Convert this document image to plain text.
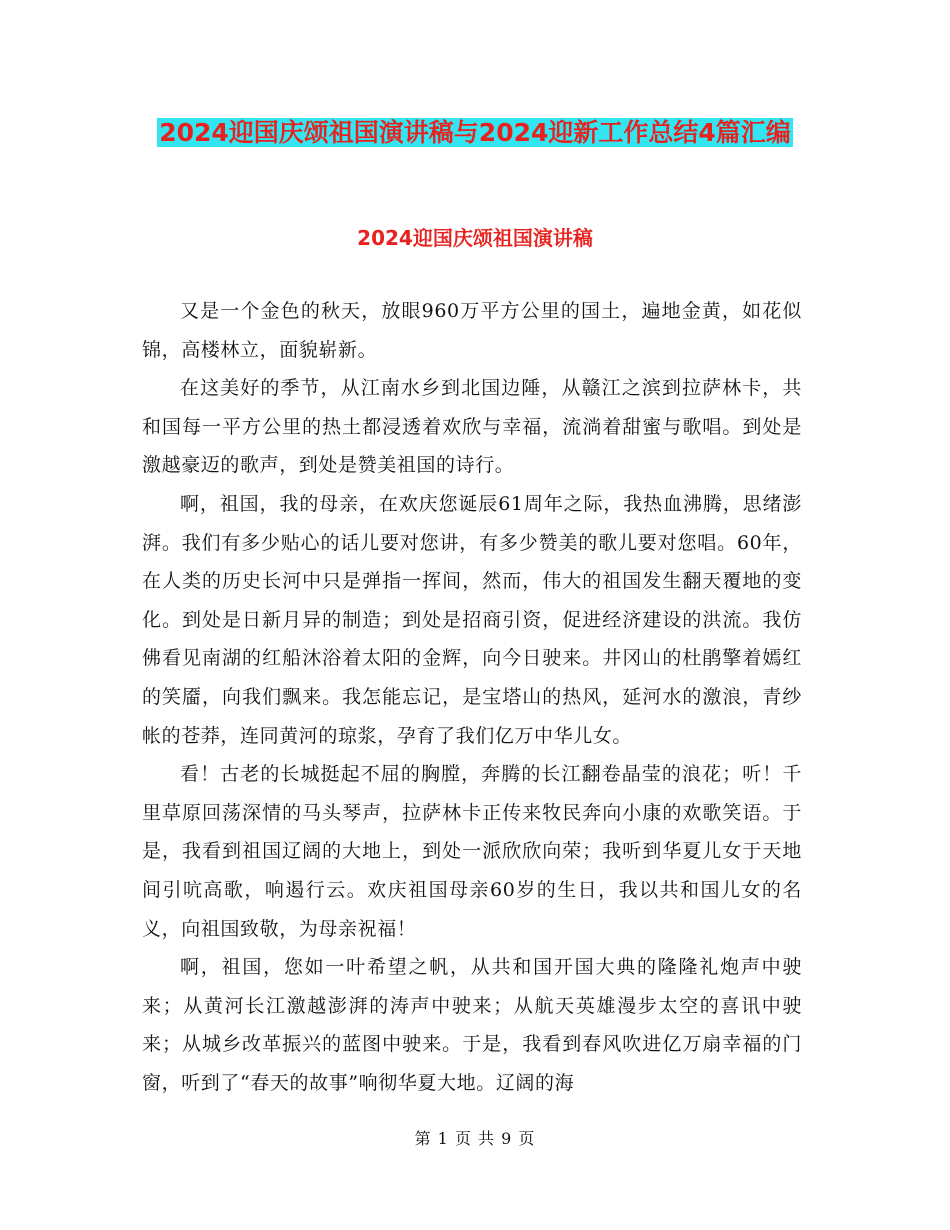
2024迎国庆颂祖国演讲稿与2024迎新工作总结4篇汇编
2024迎国庆颂祖国演讲稿

又是一个金色的秋天，放眼960万平方公里的国土，遍地金黄，如花似锦，高楼林立，面貌崭新。

在这美好的季节，从江南水乡到北国边陲，从赣江之滨到拉萨林卡，共和国每一平方公里的热土都浸透着欢欣与幸福，流淌着甜蜜与歌唱。到处是激越豪迈的歌声，到处是赞美祖国的诗行。

啊，祖国，我的母亲，在欢庆您诞辰61周年之际，我热血沸腾，思绪澎湃。我们有多少贴心的话儿要对您讲，有多少赞美的歌儿要对您唱。60年，在人类的历史长河中只是弹指一挥间，然而，伟大的祖国发生翻天覆地的变化。到处是日新月异的制造；到处是招商引资，促进经济建设的洪流。我仿佛看见南湖的红船沐浴着太阳的金辉，向今日驶来。井冈山的杜鹃擎着嫣红的笑靥，向我们飘来。我怎能忘记，是宝塔山的热风，延河水的激浪，青纱帐的苍莽，连同黄河的琼浆，孕育了我们亿万中华儿女。

看！古老的长城挺起不屈的胸膛，奔腾的长江翻卷晶莹的浪花；听！千里草原回荡深情的马头琴声，拉萨林卡正传来牧民奔向小康的欢歌笑语。于是，我看到祖国辽阔的大地上，到处一派欣欣向荣；我听到华夏儿女于天地间引吭高歌，响遏行云。欢庆祖国母亲60岁的生日，我以共和国儿女的名义，向祖国致敬，为母亲祝福！

啊，祖国，您如一叶希望之帆，从共和国开国大典的隆隆礼炮声中驶来；从黄河长江激越澎湃的涛声中驶来；从航天英雄漫步太空的喜讯中驶来；从城乡改革振兴的蓝图中驶来。于是，我看到春风吹进亿万扇幸福的门窗，听到了“春天的故事”响彻华夏大地。辽阔的海

第 1 页 共 9 页
